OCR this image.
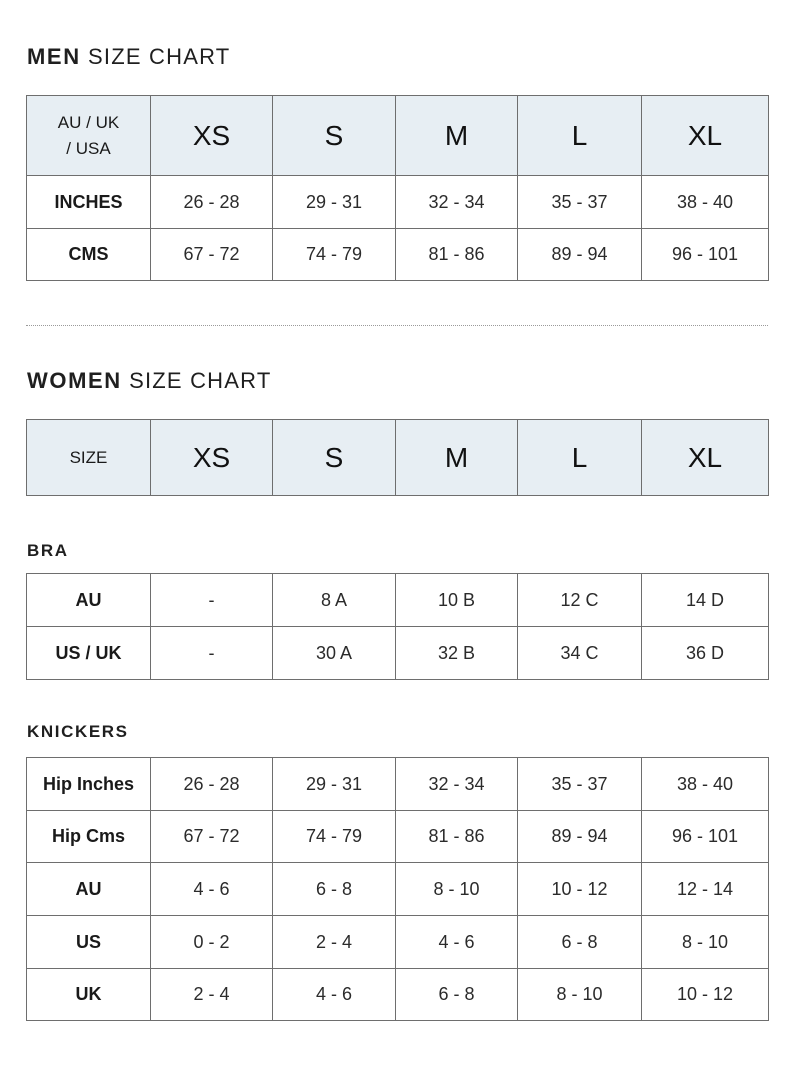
MEN SIZE CHART
AU / UK
/ USA	XS	S	M	L	XL
INCHES	26 - 28	29 - 31	32 - 34	35 - 37	38 - 40
CMS	67 - 72	74 - 79	81 - 86	89 - 94	96 - 101
WOMEN SIZE CHART
SIZE	XS	S	M	L	XL
BRA
AU	-	8 A	10 B	12 C	14 D
US / UK	-	30 A	32 B	34 C	36 D
KNICKERS
Hip Inches	26 - 28	29 - 31	32 - 34	35 - 37	38 - 40
Hip Cms	67 - 72	74 - 79	81 - 86	89 - 94	96 - 101
AU	4 - 6	6 - 8	8 - 10	10 - 12	12 - 14
US	0 - 2	2 - 4	4 - 6	6 - 8	8 - 10
UK	2 - 4	4 - 6	6 - 8	8 - 10	10 - 12
